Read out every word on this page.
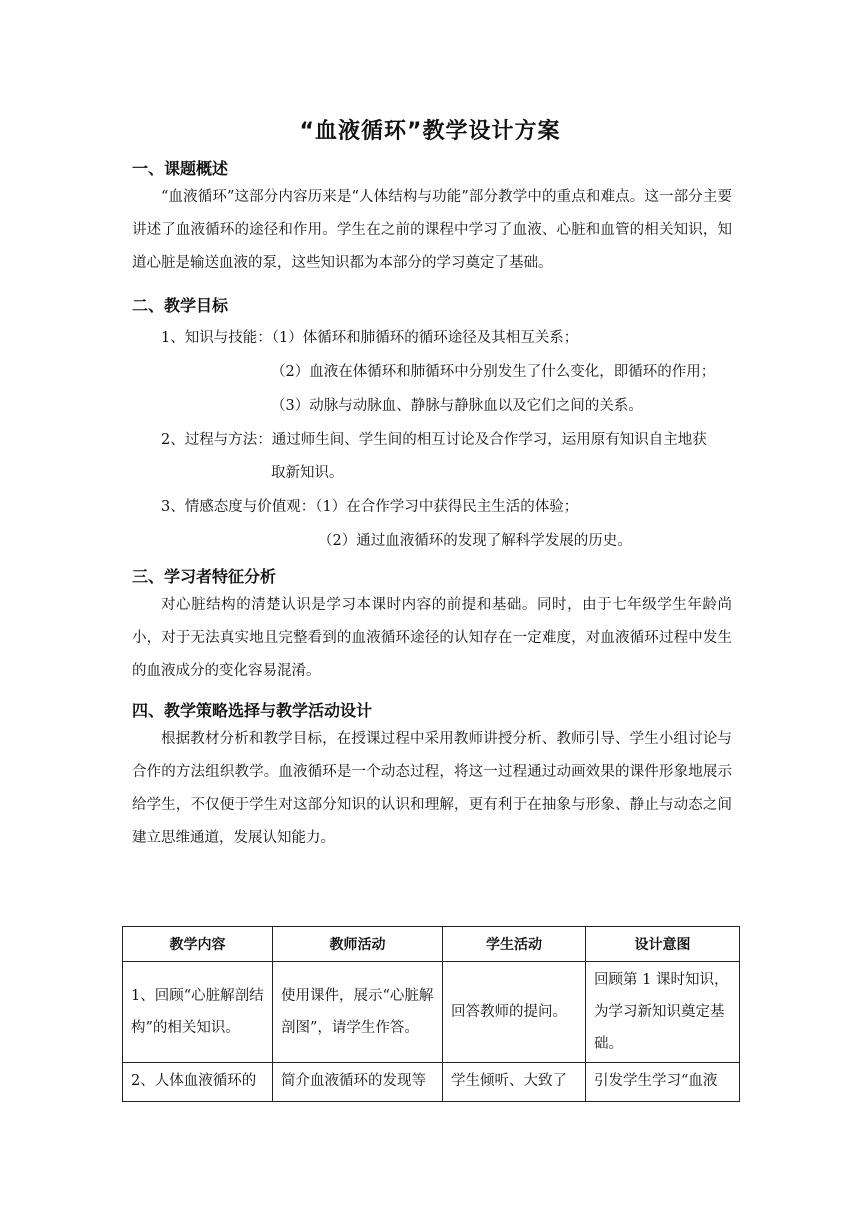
“血液循环”教学设计方案
一、课题概述
“血液循环”这部分内容历来是“人体结构与功能”部分教学中的重点和难点。这一部分主要讲述了血液循环的途径和作用。学生在之前的课程中学习了血液、心脏和血管的相关知识，知道心脏是输送血液的泵，这些知识都为本部分的学习奠定了基础。
二、教学目标
1、知识与技能：（1）体循环和肺循环的循环途径及其相互关系；
（2）血液在体循环和肺循环中分别发生了什么变化，即循环的作用；
（3）动脉与动脉血、静脉与静脉血以及它们之间的关系。
2、过程与方法：通过师生间、学生间的相互讨论及合作学习，运用原有知识自主地获
取新知识。
3、情感态度与价值观：（1）在合作学习中获得民主生活的体验；
（2）通过血液循环的发现了解科学发展的历史。
三、学习者特征分析
对心脏结构的清楚认识是学习本课时内容的前提和基础。同时，由于七年级学生年龄尚小，对于无法真实地且完整看到的血液循环途径的认知存在一定难度，对血液循环过程中发生的血液成分的变化容易混淆。
四、教学策略选择与教学活动设计
根据教材分析和教学目标，在授课过程中采用教师讲授分析、教师引导、学生小组讨论与合作的方法组织教学。血液循环是一个动态过程，将这一过程通过动画效果的课件形象地展示给学生，不仅便于学生对这部分知识的认识和理解，更有利于在抽象与形象、静止与动态之间建立思维通道，发展认知能力。
教学内容	教师活动	学生活动	设计意图
1、回顾“心脏解剖结构”的相关知识。	使用课件，展示“心脏解剖图”，请学生作答。	回答教师的提问。	回顾第 1 课时知识，为学习新知识奠定基础。
2、人体血液循环的	简介血液循环的发现等	学生倾听、大致了	引发学生学习“血液
